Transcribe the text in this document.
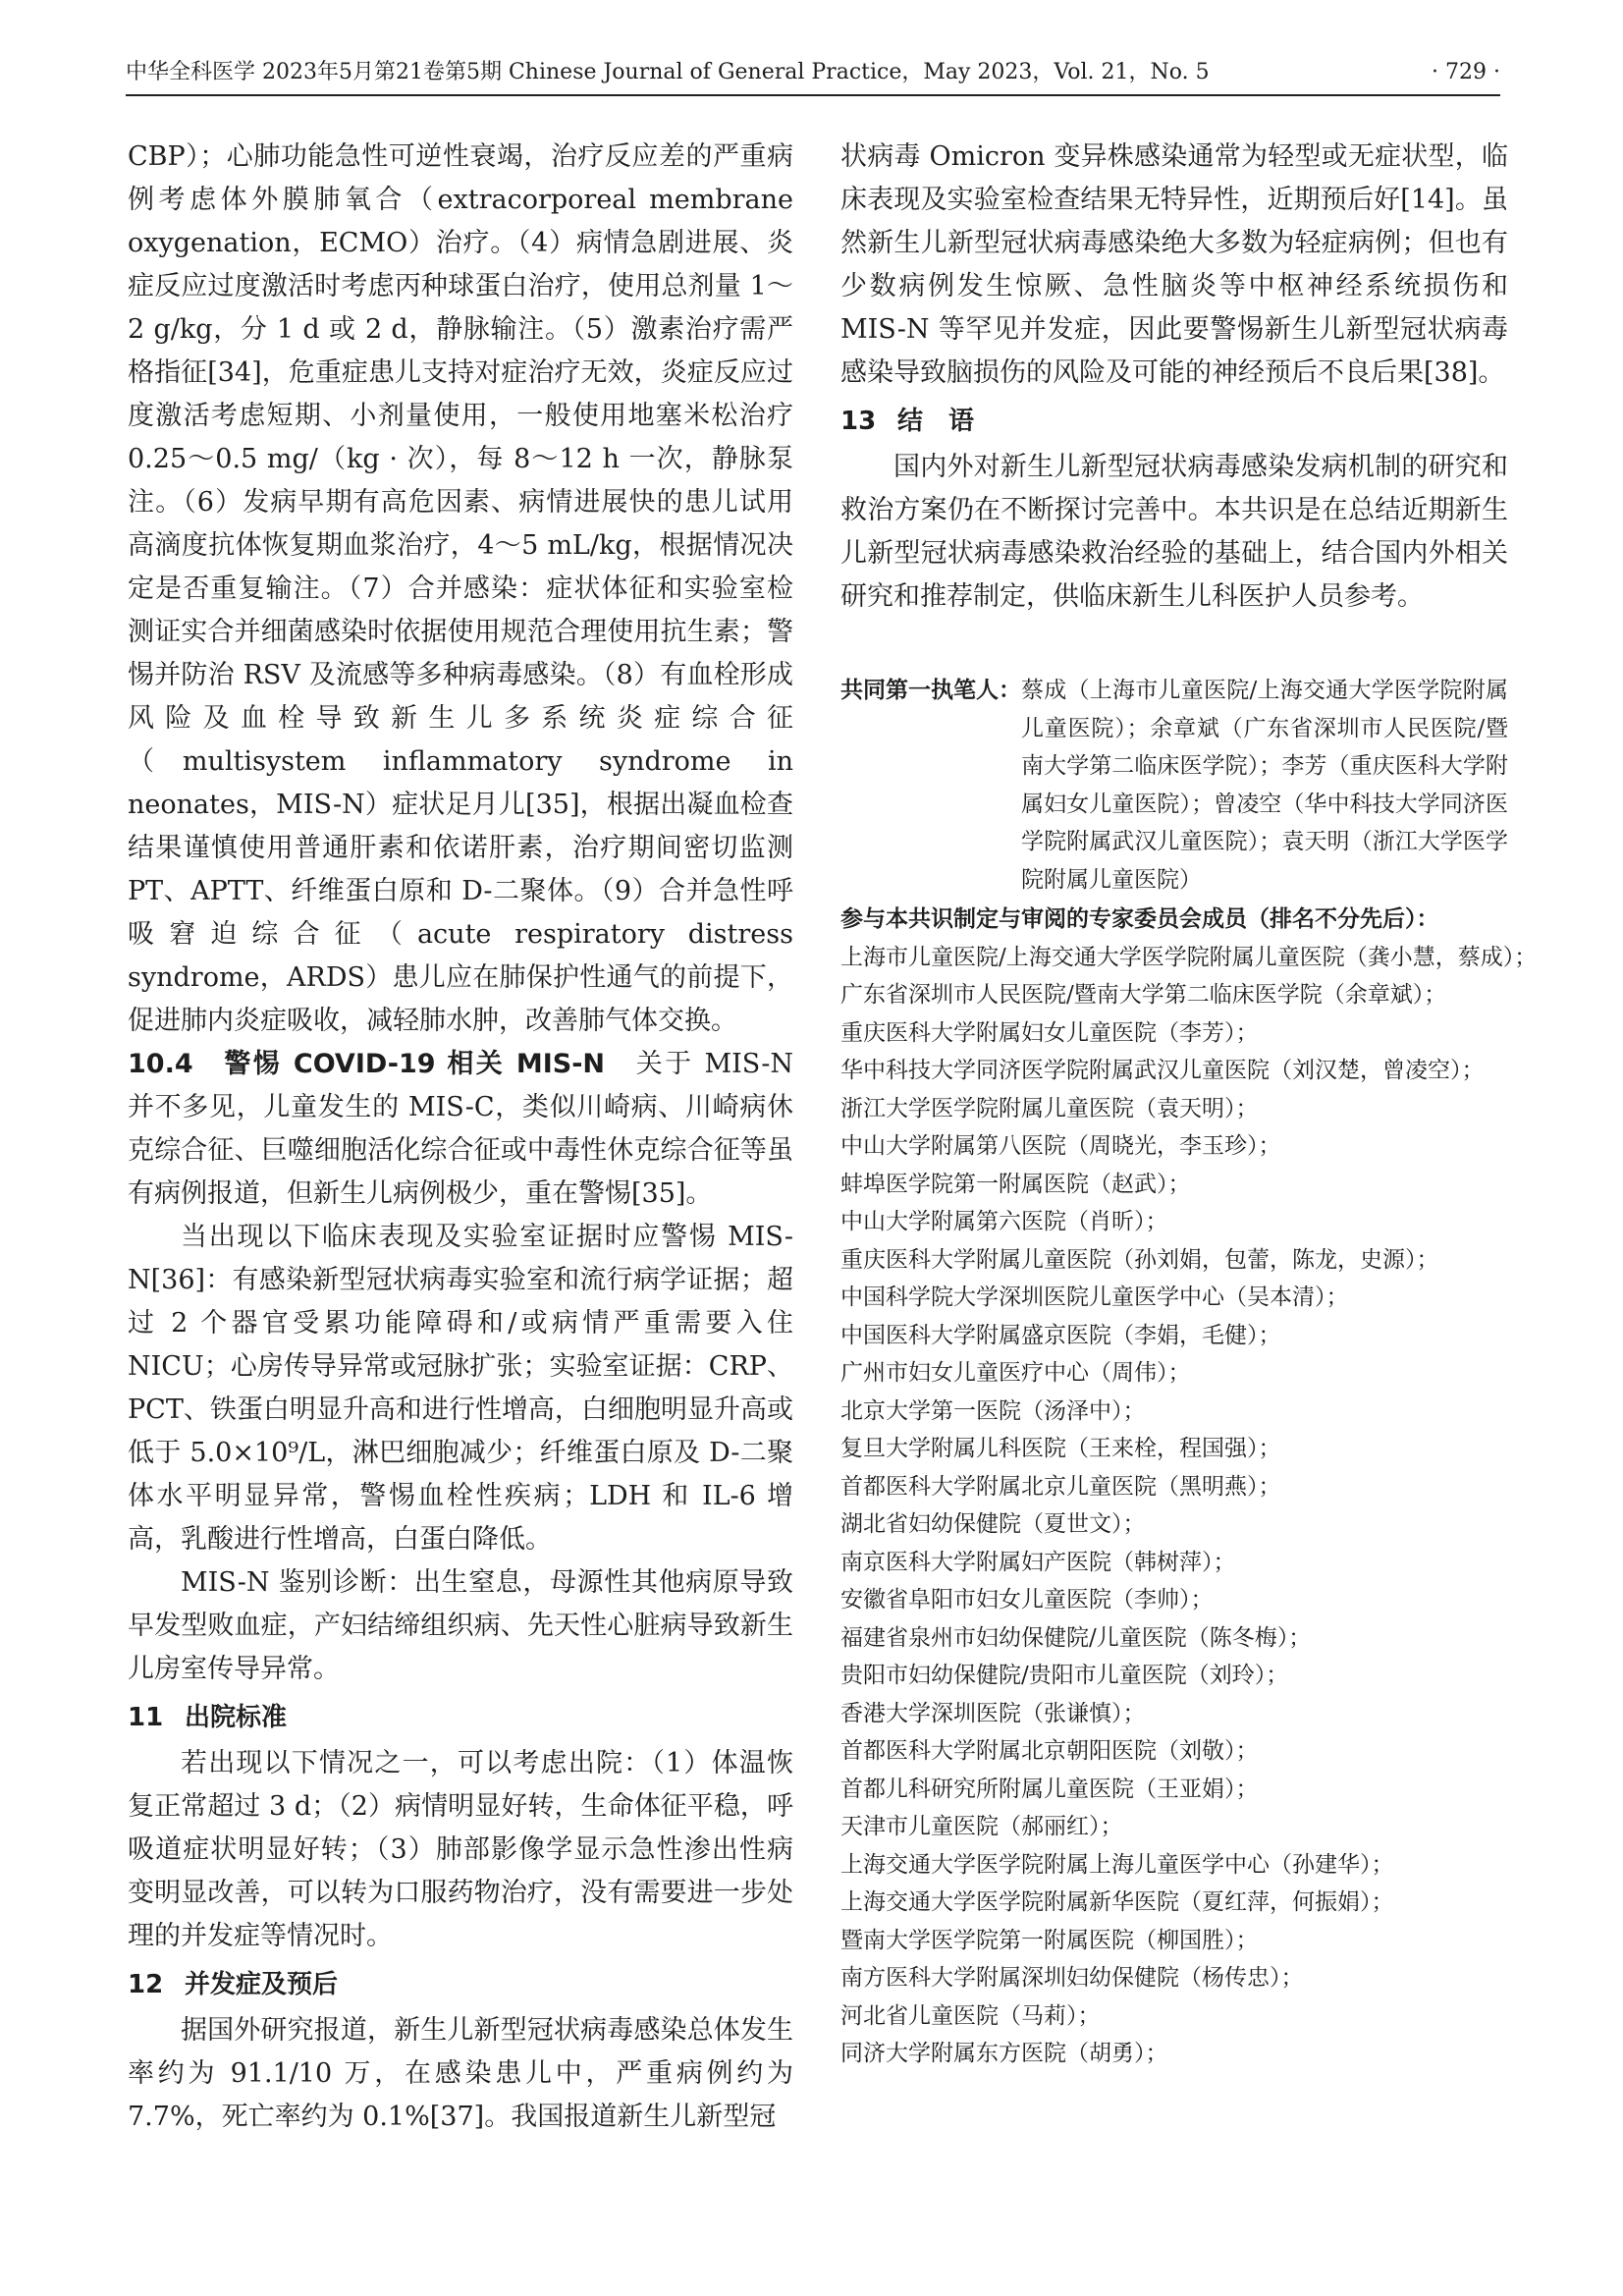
中华全科医学 2023年5月第21卷第5期 Chinese Journal of General Practice，May 2023，Vol. 21，No. 5	· 729 ·

CBP）；心肺功能急性可逆性衰竭，治疗反应差的严重病例考虑体外膜肺氧合（extracorporeal membrane oxygenation，ECMO）治疗。（4）病情急剧进展、炎症反应过度激活时考虑丙种球蛋白治疗，使用总剂量 1～2 g/kg，分 1 d 或 2 d，静脉输注。（5）激素治疗需严格指征[34]，危重症患儿支持对症治疗无效，炎症反应过度激活考虑短期、小剂量使用，一般使用地塞米松治疗 0.25～0.5 mg/（kg · 次），每 8～12 h 一次，静脉泵注。（6）发病早期有高危因素、病情进展快的患儿试用高滴度抗体恢复期血浆治疗，4～5 mL/kg，根据情况决定是否重复输注。（7）合并感染：症状体征和实验室检测证实合并细菌感染时依据使用规范合理使用抗生素；警惕并防治 RSV 及流感等多种病毒感染。（8）有血栓形成风险及血栓导致新生儿多系统炎症综合征（multisystem inflammatory syndrome in neonates，MIS-N）症状足月儿[35]，根据出凝血检查结果谨慎使用普通肝素和依诺肝素，治疗期间密切监测 PT、APTT、纤维蛋白原和 D-二聚体。（9）合并急性呼吸窘迫综合征（acute respiratory distress syndrome，ARDS）患儿应在肺保护性通气的前提下，促进肺内炎症吸收，减轻肺水肿，改善肺气体交换。

10.4　警惕 COVID-19 相关 MIS-N　关于 MIS-N 并不多见，儿童发生的 MIS-C，类似川崎病、川崎病休克综合征、巨噬细胞活化综合征或中毒性休克综合征等虽有病例报道，但新生儿病例极少，重在警惕[35]。

当出现以下临床表现及实验室证据时应警惕 MIS-N[36]：有感染新型冠状病毒实验室和流行病学证据；超过 2 个器官受累功能障碍和/或病情严重需要入住 NICU；心房传导异常或冠脉扩张；实验室证据：CRP、PCT、铁蛋白明显升高和进行性增高，白细胞明显升高或低于 5.0×10⁹/L，淋巴细胞减少；纤维蛋白原及 D-二聚体水平明显异常，警惕血栓性疾病；LDH 和 IL-6 增高，乳酸进行性增高，白蛋白降低。

MIS-N 鉴别诊断：出生窒息，母源性其他病原导致早发型败血症，产妇结缔组织病、先天性心脏病导致新生儿房室传导异常。

11 出院标准

若出现以下情况之一，可以考虑出院：（1）体温恢复正常超过 3 d；（2）病情明显好转，生命体征平稳，呼吸道症状明显好转；（3）肺部影像学显示急性渗出性病变明显改善，可以转为口服药物治疗，没有需要进一步处理的并发症等情况时。

12 并发症及预后

据国外研究报道，新生儿新型冠状病毒感染总体发生率约为 91.1/10 万，在感染患儿中，严重病例约为 7.7%，死亡率约为 0.1%[37]。我国报道新生儿新型冠

状病毒 Omicron 变异株感染通常为轻型或无症状型，临床表现及实验室检查结果无特异性，近期预后好[14]。虽然新生儿新型冠状病毒感染绝大多数为轻症病例；但也有少数病例发生惊厥、急性脑炎等中枢神经系统损伤和 MIS-N 等罕见并发症，因此要警惕新生儿新型冠状病毒感染导致脑损伤的风险及可能的神经预后不良后果[38]。

13 结　语

国内外对新生儿新型冠状病毒感染发病机制的研究和救治方案仍在不断探讨完善中。本共识是在总结近期新生儿新型冠状病毒感染救治经验的基础上，结合国内外相关研究和推荐制定，供临床新生儿科医护人员参考。

共同第一执笔人： 蔡成（上海市儿童医院/上海交通大学医学院附属儿童医院）；余章斌（广东省深圳市人民医院/暨南大学第二临床医学院）；李芳（重庆医科大学附属妇女儿童医院）；曾凌空（华中科技大学同济医学院附属武汉儿童医院）；袁天明（浙江大学医学院附属儿童医院）
参与本共识制定与审阅的专家委员会成员（排名不分先后）：
上海市儿童医院/上海交通大学医学院附属儿童医院（龚小慧，蔡成）；
广东省深圳市人民医院/暨南大学第二临床医学院（余章斌）；
重庆医科大学附属妇女儿童医院（李芳）；
华中科技大学同济医学院附属武汉儿童医院（刘汉楚，曾凌空）；
浙江大学医学院附属儿童医院（袁天明）；
中山大学附属第八医院（周晓光，李玉珍）；
蚌埠医学院第一附属医院（赵武）；
中山大学附属第六医院（肖昕）；
重庆医科大学附属儿童医院（孙刘娟，包蕾，陈龙，史源）；
中国科学院大学深圳医院儿童医学中心（吴本清）；
中国医科大学附属盛京医院（李娟，毛健）；
广州市妇女儿童医疗中心（周伟）；
北京大学第一医院（汤泽中）；
复旦大学附属儿科医院（王来栓，程国强）；
首都医科大学附属北京儿童医院（黑明燕）；
湖北省妇幼保健院（夏世文）；
南京医科大学附属妇产医院（韩树萍）；
安徽省阜阳市妇女儿童医院（李帅）；
福建省泉州市妇幼保健院/儿童医院（陈冬梅）；
贵阳市妇幼保健院/贵阳市儿童医院（刘玲）；
香港大学深圳医院（张谦慎）；
首都医科大学附属北京朝阳医院（刘敬）；
首都儿科研究所附属儿童医院（王亚娟）；
天津市儿童医院（郝丽红）；
上海交通大学医学院附属上海儿童医学中心（孙建华）；
上海交通大学医学院附属新华医院（夏红萍，何振娟）；
暨南大学医学院第一附属医院（柳国胜）；
南方医科大学附属深圳妇幼保健院（杨传忠）；
河北省儿童医院（马莉）；
同济大学附属东方医院（胡勇）；
